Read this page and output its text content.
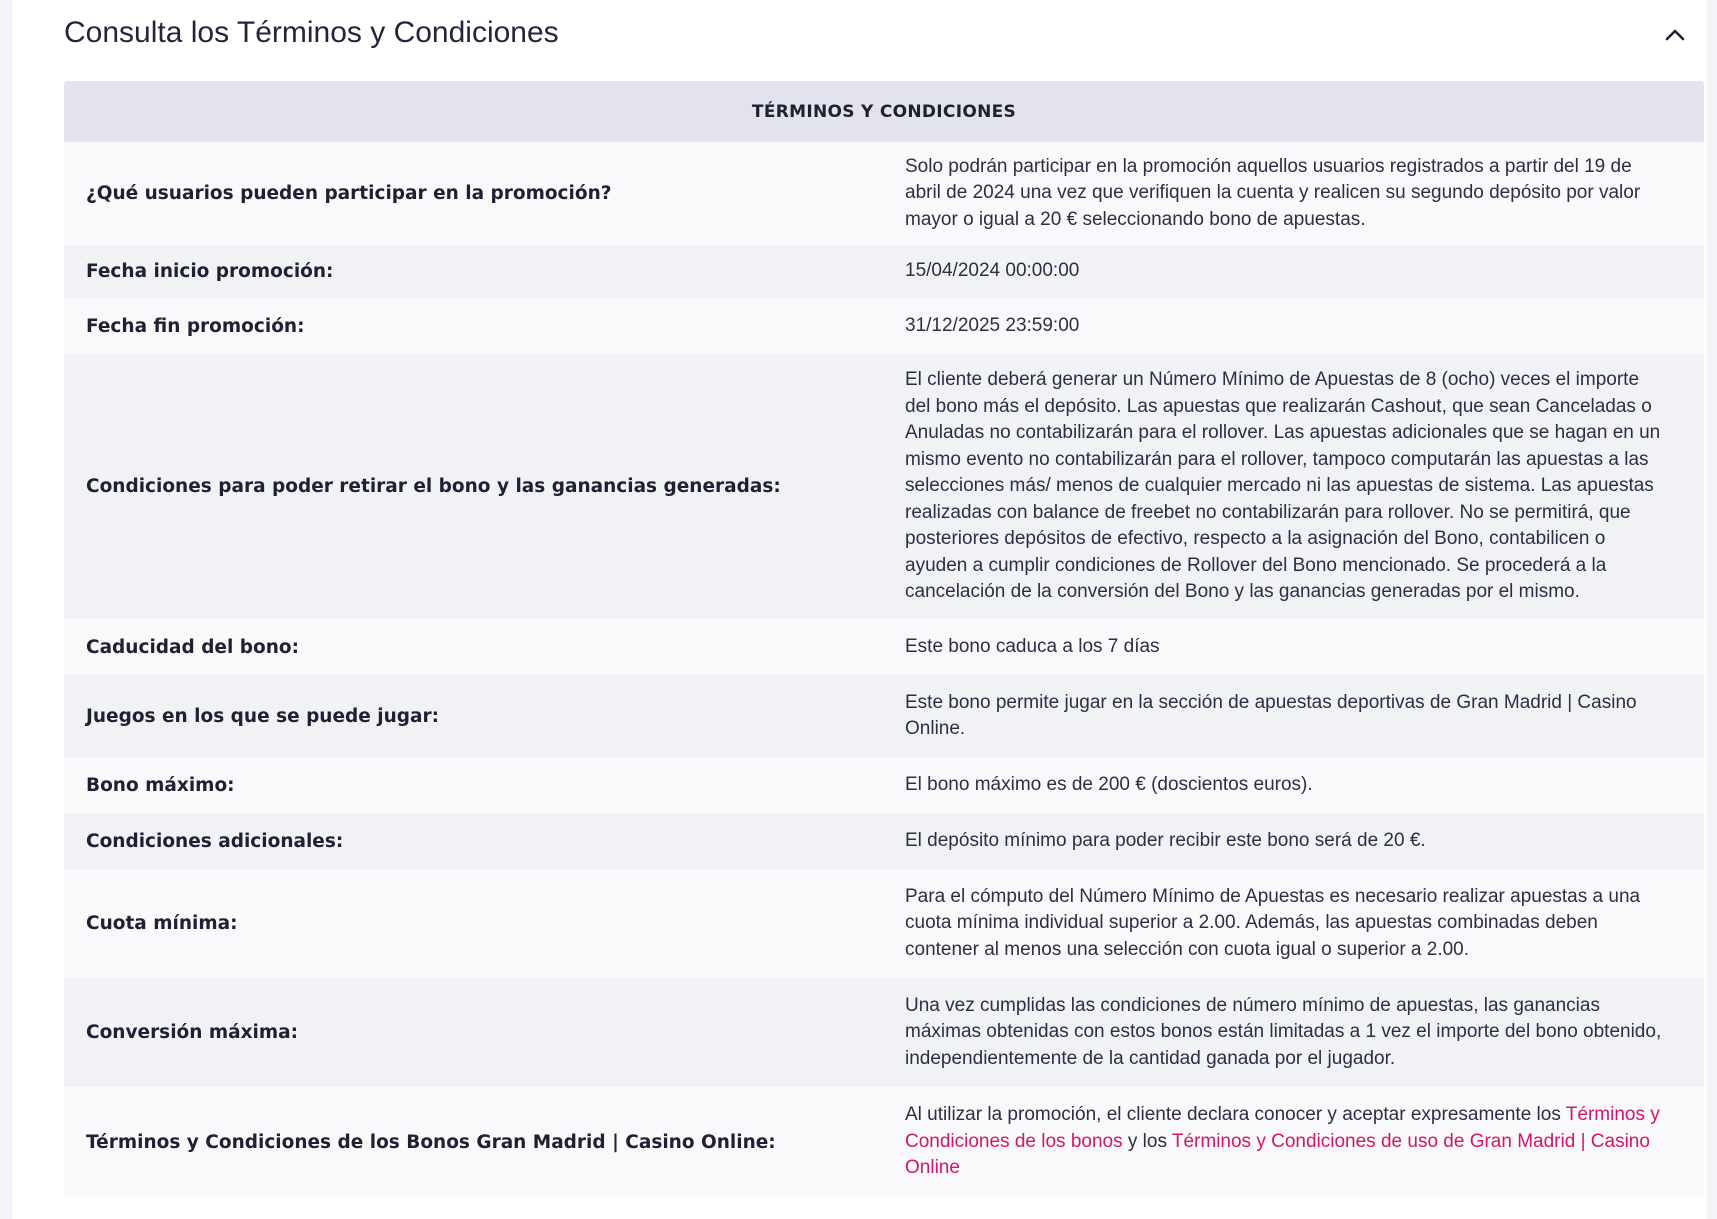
Consulta los Términos y Condiciones
TÉRMINOS Y CONDICIONES
¿Qué usuarios pueden participar en la promoción?
Solo podrán participar en la promoción aquellos usuarios registrados a partir del 19 de abril de 2024 una vez que verifiquen la cuenta y realicen su segundo depósito por valor mayor o igual a 20 € seleccionando bono de apuestas.
Fecha inicio promoción:	15/04/2024 00:00:00
Fecha fin promoción:	31/12/2025 23:59:00
Condiciones para poder retirar el bono y las ganancias generadas:
El cliente deberá generar un Número Mínimo de Apuestas de 8 (ocho) veces el importe del bono más el depósito. Las apuestas que realizarán Cashout, que sean Canceladas o Anuladas no contabilizarán para el rollover. Las apuestas adicionales que se hagan en un mismo evento no contabilizarán para el rollover, tampoco computarán las apuestas a las selecciones más/ menos de cualquier mercado ni las apuestas de sistema. Las apuestas realizadas con balance de freebet no contabilizarán para rollover. No se permitirá, que posteriores depósitos de efectivo, respecto a la asignación del Bono, contabilicen o ayuden a cumplir condiciones de Rollover del Bono mencionado. Se procederá a la cancelación de la conversión del Bono y las ganancias generadas por el mismo.
Caducidad del bono:	Este bono caduca a los 7 días
Juegos en los que se puede jugar:
Este bono permite jugar en la sección de apuestas deportivas de Gran Madrid | Casino Online.
Bono máximo:	El bono máximo es de 200 € (doscientos euros).
Condiciones adicionales:	El depósito mínimo para poder recibir este bono será de 20 €.
Cuota mínima:
Para el cómputo del Número Mínimo de Apuestas es necesario realizar apuestas a una cuota mínima individual superior a 2.00. Además, las apuestas combinadas deben contener al menos una selección con cuota igual o superior a 2.00.
Conversión máxima:
Una vez cumplidas las condiciones de número mínimo de apuestas, las ganancias máximas obtenidas con estos bonos están limitadas a 1 vez el importe del bono obtenido, independientemente de la cantidad ganada por el jugador.
Términos y Condiciones de los Bonos Gran Madrid | Casino Online:
Al utilizar la promoción, el cliente declara conocer y aceptar expresamente los Términos y Condiciones de los bonos y los Términos y Condiciones de uso de Gran Madrid | Casino Online
